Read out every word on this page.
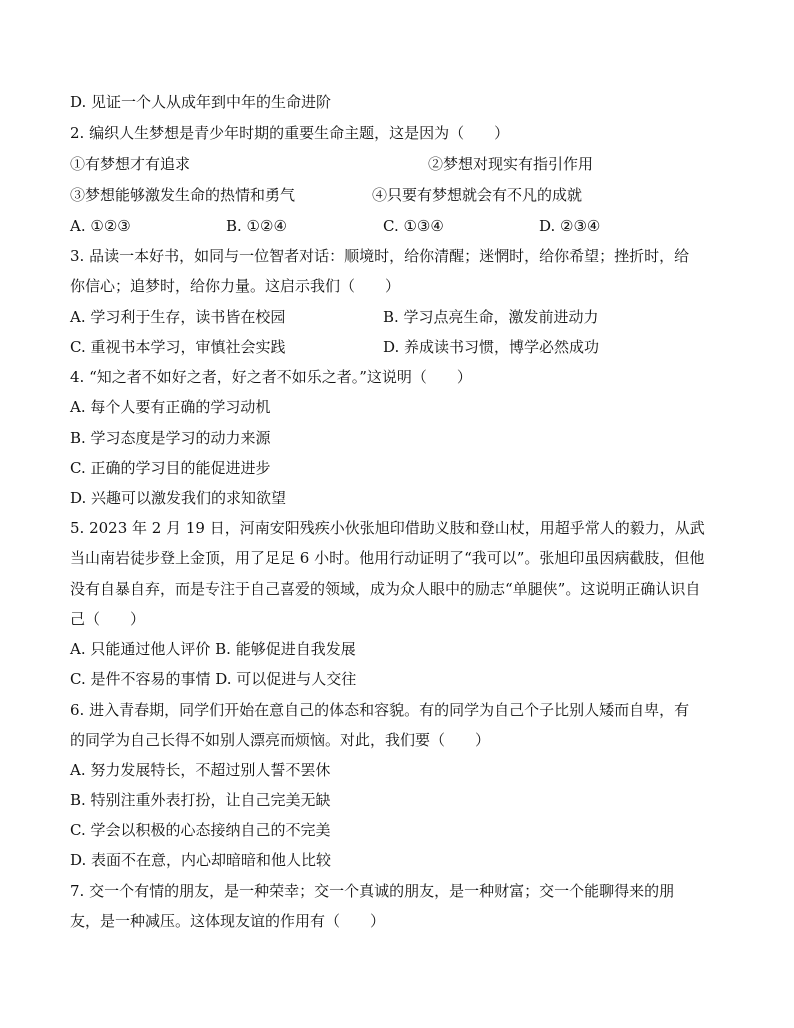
D. 见证一个人从成年到中年的生命进阶
2. 编织人生梦想是青少年时期的重要生命主题，这是因为（　　）
①有梦想才有追求	②梦想对现实有指引作用
③梦想能够激发生命的热情和勇气	④只要有梦想就会有不凡的成就
A. ①②③	B. ①②④	C. ①③④	D. ②③④
3. 品读一本好书，如同与一位智者对话：顺境时，给你清醒；迷惘时，给你希望；挫折时，给
你信心；追梦时，给你力量。这启示我们（　　）
A. 学习利于生存，读书皆在校园	B. 学习点亮生命，激发前进动力
C. 重视书本学习，审慎社会实践	D. 养成读书习惯，博学必然成功
4. “知之者不如好之者，好之者不如乐之者。”这说明（　　）
A. 每个人要有正确的学习动机
B. 学习态度是学习的动力来源
C. 正确的学习目的能促进进步
D. 兴趣可以激发我们的求知欲望
5. 2023 年 2 月 19 日，河南安阳残疾小伙张旭印借助义肢和登山杖，用超乎常人的毅力，从武
当山南岩徒步登上金顶，用了足足 6 小时。他用行动证明了“我可以”。张旭印虽因病截肢，但他
没有自暴自弃，而是专注于自己喜爱的领域，成为众人眼中的励志“单腿侠”。这说明正确认识自
己（　　）
A. 只能通过他人评价 B. 能够促进自我发展
C. 是件不容易的事情 D. 可以促进与人交往
6. 进入青春期，同学们开始在意自己的体态和容貌。有的同学为自己个子比别人矮而自卑，有
的同学为自己长得不如别人漂亮而烦恼。对此，我们要（　　）
A. 努力发展特长，不超过别人誓不罢休
B. 特别注重外表打扮，让自己完美无缺
C. 学会以积极的心态接纳自己的不完美
D. 表面不在意，内心却暗暗和他人比较
7. 交一个有情的朋友，是一种荣幸；交一个真诚的朋友，是一种财富；交一个能聊得来的朋
友，是一种减压。这体现友谊的作用有（　　）
